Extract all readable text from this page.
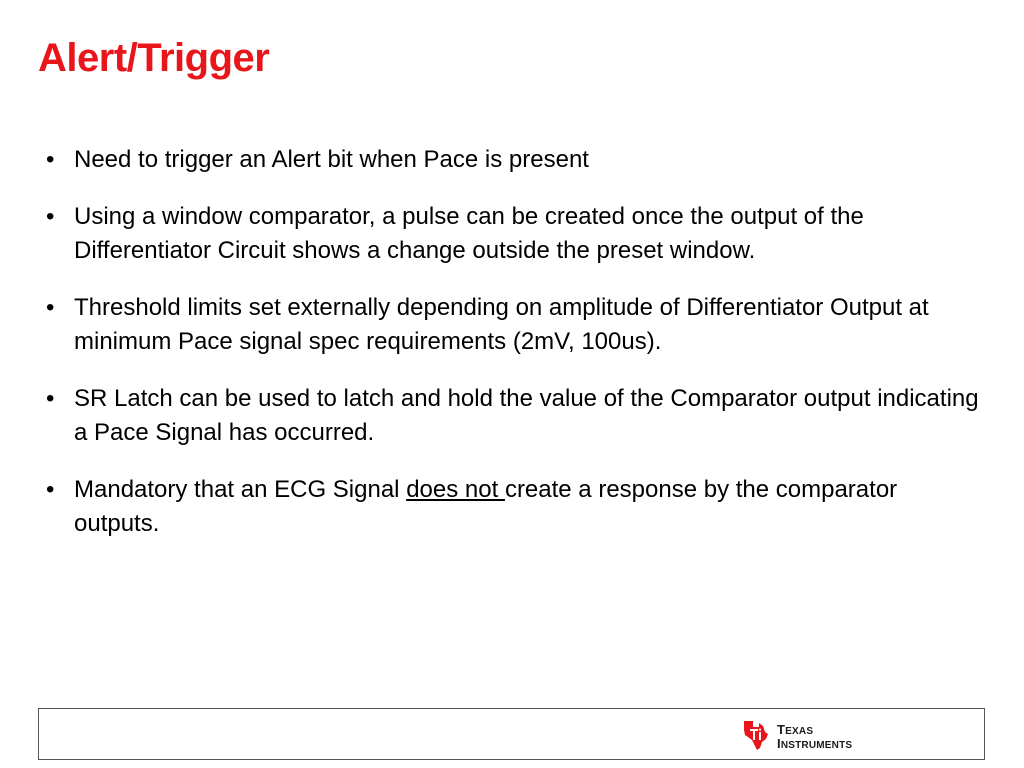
Alert/Trigger
• Need to trigger an Alert bit when Pace is present
• Using a window comparator, a pulse can be created once the output of the Differentiator Circuit shows a change outside the preset window.
• Threshold limits set externally depending on amplitude of Differentiator Output at minimum Pace signal spec requirements (2mV, 100us).
• SR Latch can be used to latch and hold the value of the Comparator output indicating a Pace Signal has occurred.
• Mandatory that an ECG Signal does not create a response by the comparator outputs.
TEXAS
INSTRUMENTS
